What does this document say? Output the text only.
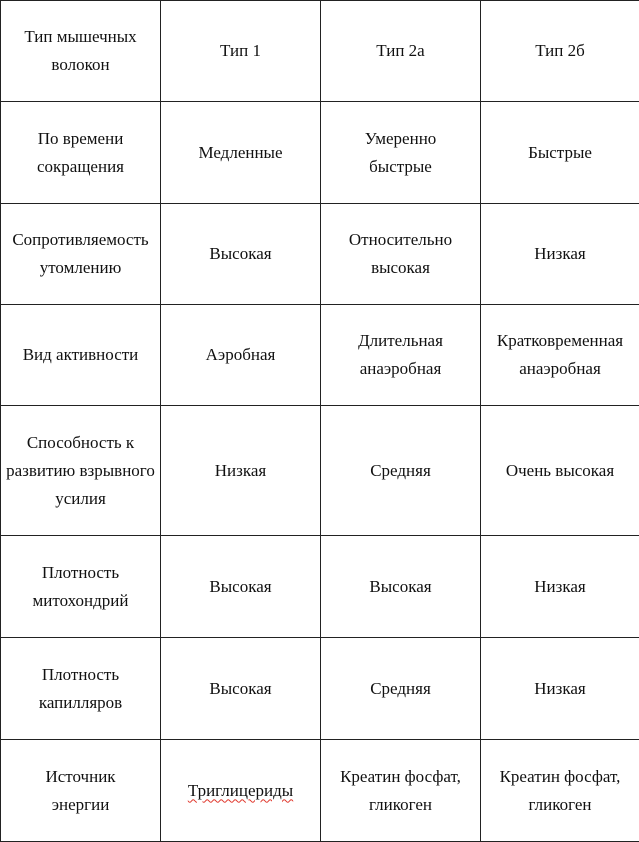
Тип мышечных волокон	Тип 1	Тип 2а	Тип 2б
По времени сокращения	Медленные	Умеренно быстрые	Быстрые
Сопротивляемость утомлению	Высокая	Относительно высокая	Низкая
Вид активности	Аэробная	Длительная анаэробная	Кратковременная анаэробная
Способность к развитию взрывного усилия	Низкая	Средняя	Очень высокая
Плотность митохондрий	Высокая	Высокая	Низкая
Плотность капилляров	Высокая	Средняя	Низкая
Источник энергии	Триглицериды	Креатин фосфат, гликоген	Креатин фосфат, гликоген
